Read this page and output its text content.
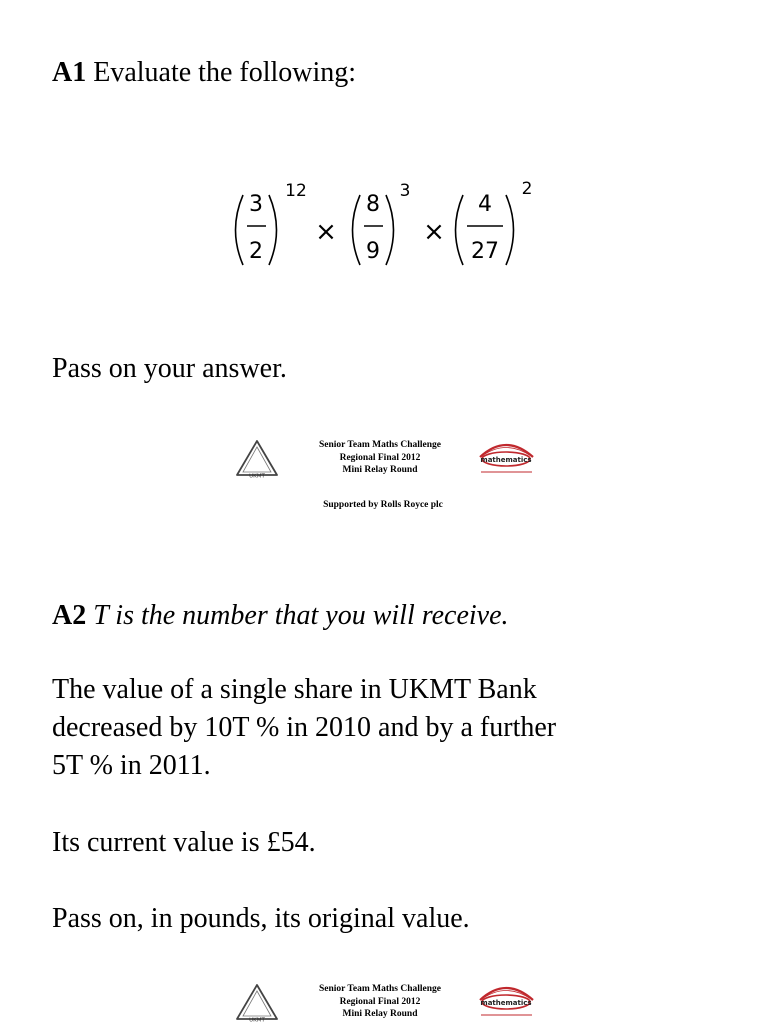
A1 Evaluate the following:
3
2
12
×
8
9
3
×
4
27
2
Pass on your answer.
UKMT
Senior Team Maths Challenge
Regional Final 2012
Mini Relay Round
mathematics
Supported by Rolls Royce plc
A2 T is the number that you will receive.
The value of a single share in UKMT Bank
decreased by 10T % in 2010 and by a further
5T % in 2011.
Its current value is £54.
Pass on, in pounds, its original value.
UKMT
Senior Team Maths Challenge
Regional Final 2012
Mini Relay Round
mathematics
